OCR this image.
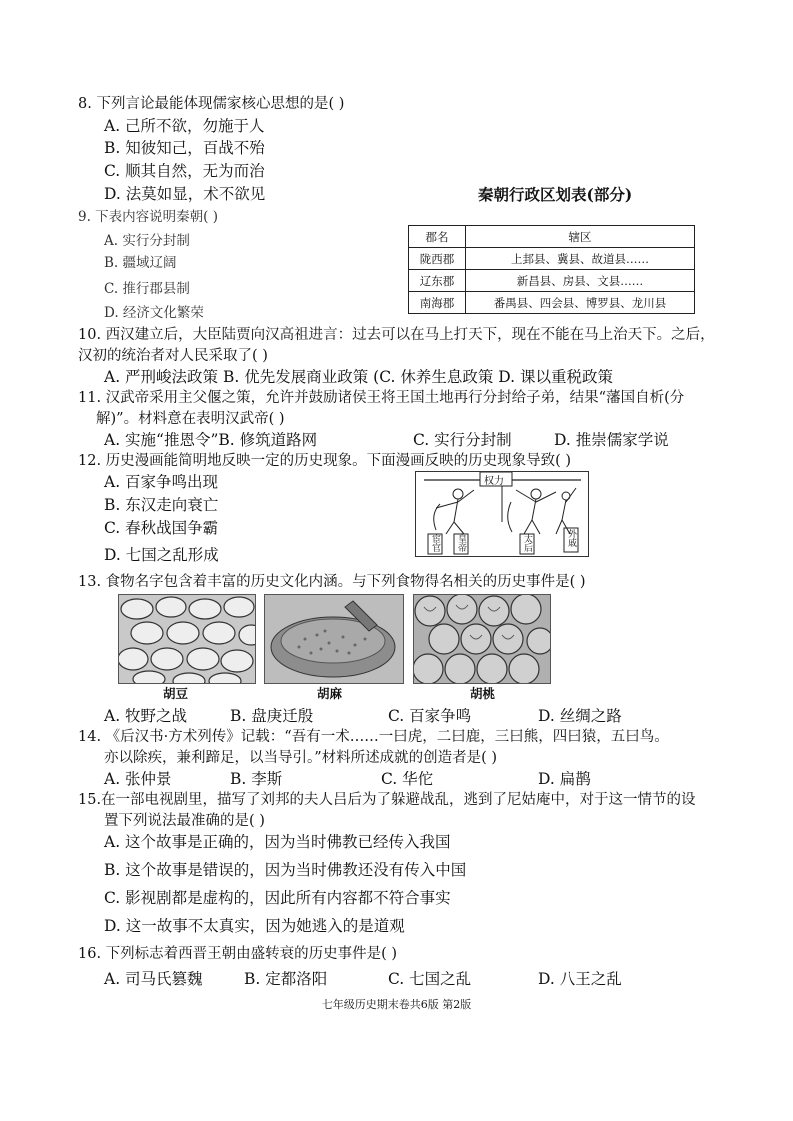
8. 下列言论最能体现儒家核心思想的是( )
A. 己所不欲，勿施于人
B. 知彼知己，百战不殆
C. 顺其自然，无为而治
D. 法莫如显，术不欲见	秦朝行政区划表(部分)
9. 下表内容说明秦朝( )
A. 实行分封制
B. 疆域辽阔
C. 推行郡县制
D. 经济文化繁荣
郡名	辖区
陇西郡	上邽县、冀县、故道县……
辽东郡	新昌县、房县、文县……
南海郡	番禺县、四会县、博罗县、龙川县
10. 西汉建立后，大臣陆贾向汉高祖进言：过去可以在马上打天下，现在不能在马上治天下。之后，
汉初的统治者对人民采取了( )
A. 严刑峻法政策 B. 优先发展商业政策 (C. 休养生息政策 D. 课以重税政策
11. 汉武帝采用主父偃之策，允许并鼓励诸侯王将王国土地再行分封给子弟，结果“藩国自析(分
解)”。材料意在表明汉武帝( )
A. 实施“推恩令”B. 修筑道路网	C. 实行分封制	D. 推崇儒家学说
12. 历史漫画能简明地反映一定的历史现象。下面漫画反映的历史现象导致( )
A. 百家争鸣出现
B. 东汉走向衰亡
C. 春秋战国争霸
D. 七国之乱形成
权力
宦官 皇帝	太后	外戚
13. 食物名字包含着丰富的历史文化内涵。与下列食物得名相关的历史事件是( )
胡豆	胡麻	胡桃
A. 牧野之战	B. 盘庚迁殷	C. 百家争鸣	D. 丝绸之路
14. 《后汉书·方术列传》记载：“吾有一术……一曰虎，二曰鹿，三曰熊，四曰猿，五曰鸟。
亦以除疾，兼利蹄足，以当导引。”材料所述成就的创造者是( )
A. 张仲景	B. 李斯	C. 华佗	D. 扁鹊
15.在一部电视剧里，描写了刘邦的夫人吕后为了躲避战乱，逃到了尼姑庵中，对于这一情节的设
置下列说法最准确的是( )
A. 这个故事是正确的，因为当时佛教已经传入我国
B. 这个故事是错误的，因为当时佛教还没有传入中国
C. 影视剧都是虚构的，因此所有内容都不符合事实
D. 这一故事不太真实，因为她逃入的是道观
16. 下列标志着西晋王朝由盛转衰的历史事件是( )
A. 司马氏篡魏	B. 定都洛阳	C. 七国之乱	D. 八王之乱
七年级历史期末卷共6版 第2版
